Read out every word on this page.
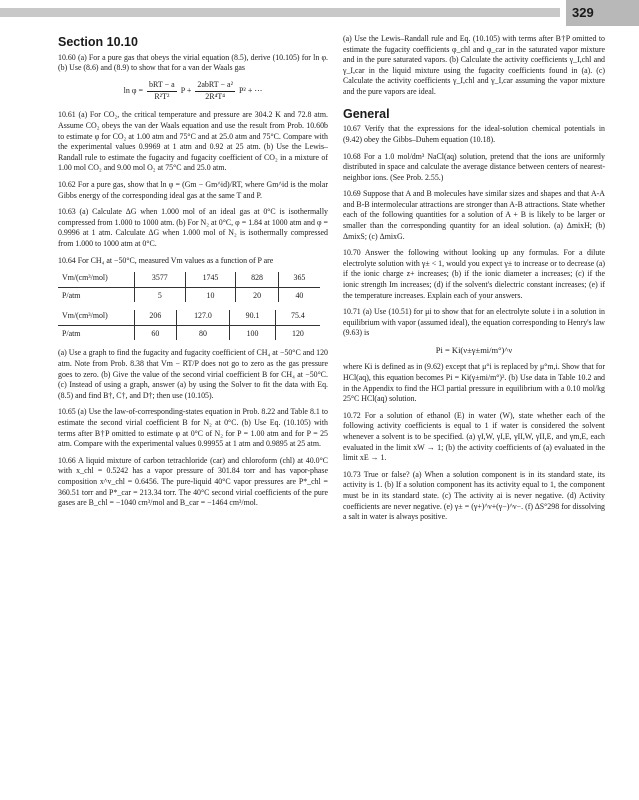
329
Section 10.10
10.60 (a) For a pure gas that obeys the virial equation (8.5), derive (10.105) for ln φ. (b) Use (8.6) and (8.9) to show that for a van der Waals gas
$\ln \varphi = \frac{\text{bRT − a}}{\text{R²T²}}$ $P + \frac{\text{2abRT − a²}}{\text{2R⁴T⁴}} P^2$ + ⋯
10.61 (a) For CO₂, the critical temperature and pressure are 304.2 K and 72.8 atm. Assume CO₂ obeys the van der Waals equation and use the result from Prob. 10.60b to estimate φ for CO₂ at 1.00 atm and 75°C and at 25.0 atm and 75°C. Compare with the experimental values 0.9969 at 1 atm and 0.92 at 25 atm. (b) Use the Lewis–Randall rule to estimate the fugacity and fugacity coefficient of CO₂ in a mixture of 1.00 mol CO₂ and 9.00 mol O₂ at 75°C and 25.0 atm.
10.62 For a pure gas, show that ln φ = (Gm − Gm^id)/RT, where Gm^id is the molar Gibbs energy of the corresponding ideal gas at the same T and P.
10.63 (a) Calculate ΔG when 1.000 mol of an ideal gas at 0°C is isothermally compressed from 1.000 to 1000 atm. (b) For N₂ at 0°C, φ = 1.84 at 1000 atm and φ = 0.9996 at 1 atm. Calculate ΔG when 1.000 mol of N₂ is isothermally compressed from 1.000 to 1000 atm at 0°C.
10.64 For CH₄ at −50°C, measured Vm values as a function of P are
Vm/(cm³/mol)	3577	1745	828	365
P/atm	5	10	20	40
Vm/(cm³/mol)	206	127.0	90.1	75.4
P/atm	60	80	100	120
(a) Use a graph to find the fugacity and fugacity coefficient of CH₄ at −50°C and 120 atm. Note from Prob. 8.38 that Vm − RT/P does not go to zero as the gas pressure goes to zero. (b) Give the value of the second virial coefficient B for CH₄ at −50°C. (c) Instead of using a graph, answer (a) by using the Solver to fit the data with Eq. (8.5) and find B†, C†, and D†; then use (10.105).
10.65 (a) Use the law-of-corresponding-states equation in Prob. 8.22 and Table 8.1 to estimate the second virial coefficient B for N₂ at 0°C. (b) Use Eq. (10.105) with terms after B†P omitted to estimate φ at 0°C of N₂ for P = 1.00 atm and for P = 25 atm. Compare with the experimental values 0.99955 at 1 atm and 0.9895 at 25 atm.
10.66 A liquid mixture of carbon tetrachloride (car) and chloroform (chl) at 40.0°C with x_chl = 0.5242 has a vapor pressure of 301.84 torr and has vapor-phase composition x^v_chl = 0.6456. The pure-liquid 40°C vapor pressures are P*_chl = 360.51 torr and P*_car = 213.34 torr. The 40°C second virial coefficients of the pure gases are B_chl = −1040 cm³/mol and B_car = −1464 cm³/mol.
(a) Use the Lewis–Randall rule and Eq. (10.105) with terms after B†P omitted to estimate the fugacity coefficients φ_chl and φ_car in the saturated vapor mixture and in the pure saturated vapors. (b) Calculate the activity coefficients γ_I,chl and γ_I,car in the liquid mixture using the fugacity coefficients found in (a). (c) Calculate the activity coefficients γ_I,chl and γ_I,car assuming the vapor mixture and the pure vapors are ideal.
General
10.67 Verify that the expressions for the ideal-solution chemical potentials in (9.42) obey the Gibbs–Duhem equation (10.18).
10.68 For a 1.0 mol/dm³ NaCl(aq) solution, pretend that the ions are uniformly distributed in space and calculate the average distance between centers of nearest-neighbor ions. (See Prob. 2.55.)
10.69 Suppose that A and B molecules have similar sizes and shapes and that A-A and B-B intermolecular attractions are stronger than A-B attractions. State whether each of the following quantities for a solution of A + B is likely to be larger or smaller than the corresponding quantity for an ideal solution. (a) ΔmixH; (b) ΔmixS; (c) ΔmixG.
10.70 Answer the following without looking up any formulas. For a dilute electrolyte solution with γ± < 1, would you expect γ± to increase or to decrease (a) if the ionic charge z+ increases; (b) if the ionic diameter a increases; (c) if the ionic strength Im increases; (d) if the solvent's dielectric constant increases; (e) if the temperature increases. Explain each of your answers.
10.71 (a) Use (10.51) for μi to show that for an electrolyte solute i in a solution in equilibrium with vapor (assumed ideal), the equation corresponding to Henry's law (9.63) is
Pi = Ki(ν±γ±mi/m°)^ν
where Ki is defined as in (9.62) except that μ°i is replaced by μ°m,i. Show that for HCl(aq), this equation becomes Pi = Ki(γ±mi/m°)². (b) Use data in Table 10.2 and in the Appendix to find the HCl partial pressure in equilibrium with a 0.10 mol/kg 25°C HCl(aq) solution.
10.72 For a solution of ethanol (E) in water (W), state whether each of the following activity coefficients is equal to 1 if water is considered the solvent whenever a solvent is to be specified. (a) γI,W, γI,E, γII,W, γII,E, and γm,E, each evaluated in the limit xW → 1; (b) the activity coefficients of (a) evaluated in the limit xE → 1.
10.73 True or false? (a) When a solution component is in its standard state, its activity is 1. (b) If a solution component has its activity equal to 1, the component must be in its standard state. (c) The activity ai is never negative. (d) Activity coefficients are never negative. (e) γ± = (γ+)^ν+(γ−)^ν−. (f) ΔS°298 for dissolving a salt in water is always positive.
